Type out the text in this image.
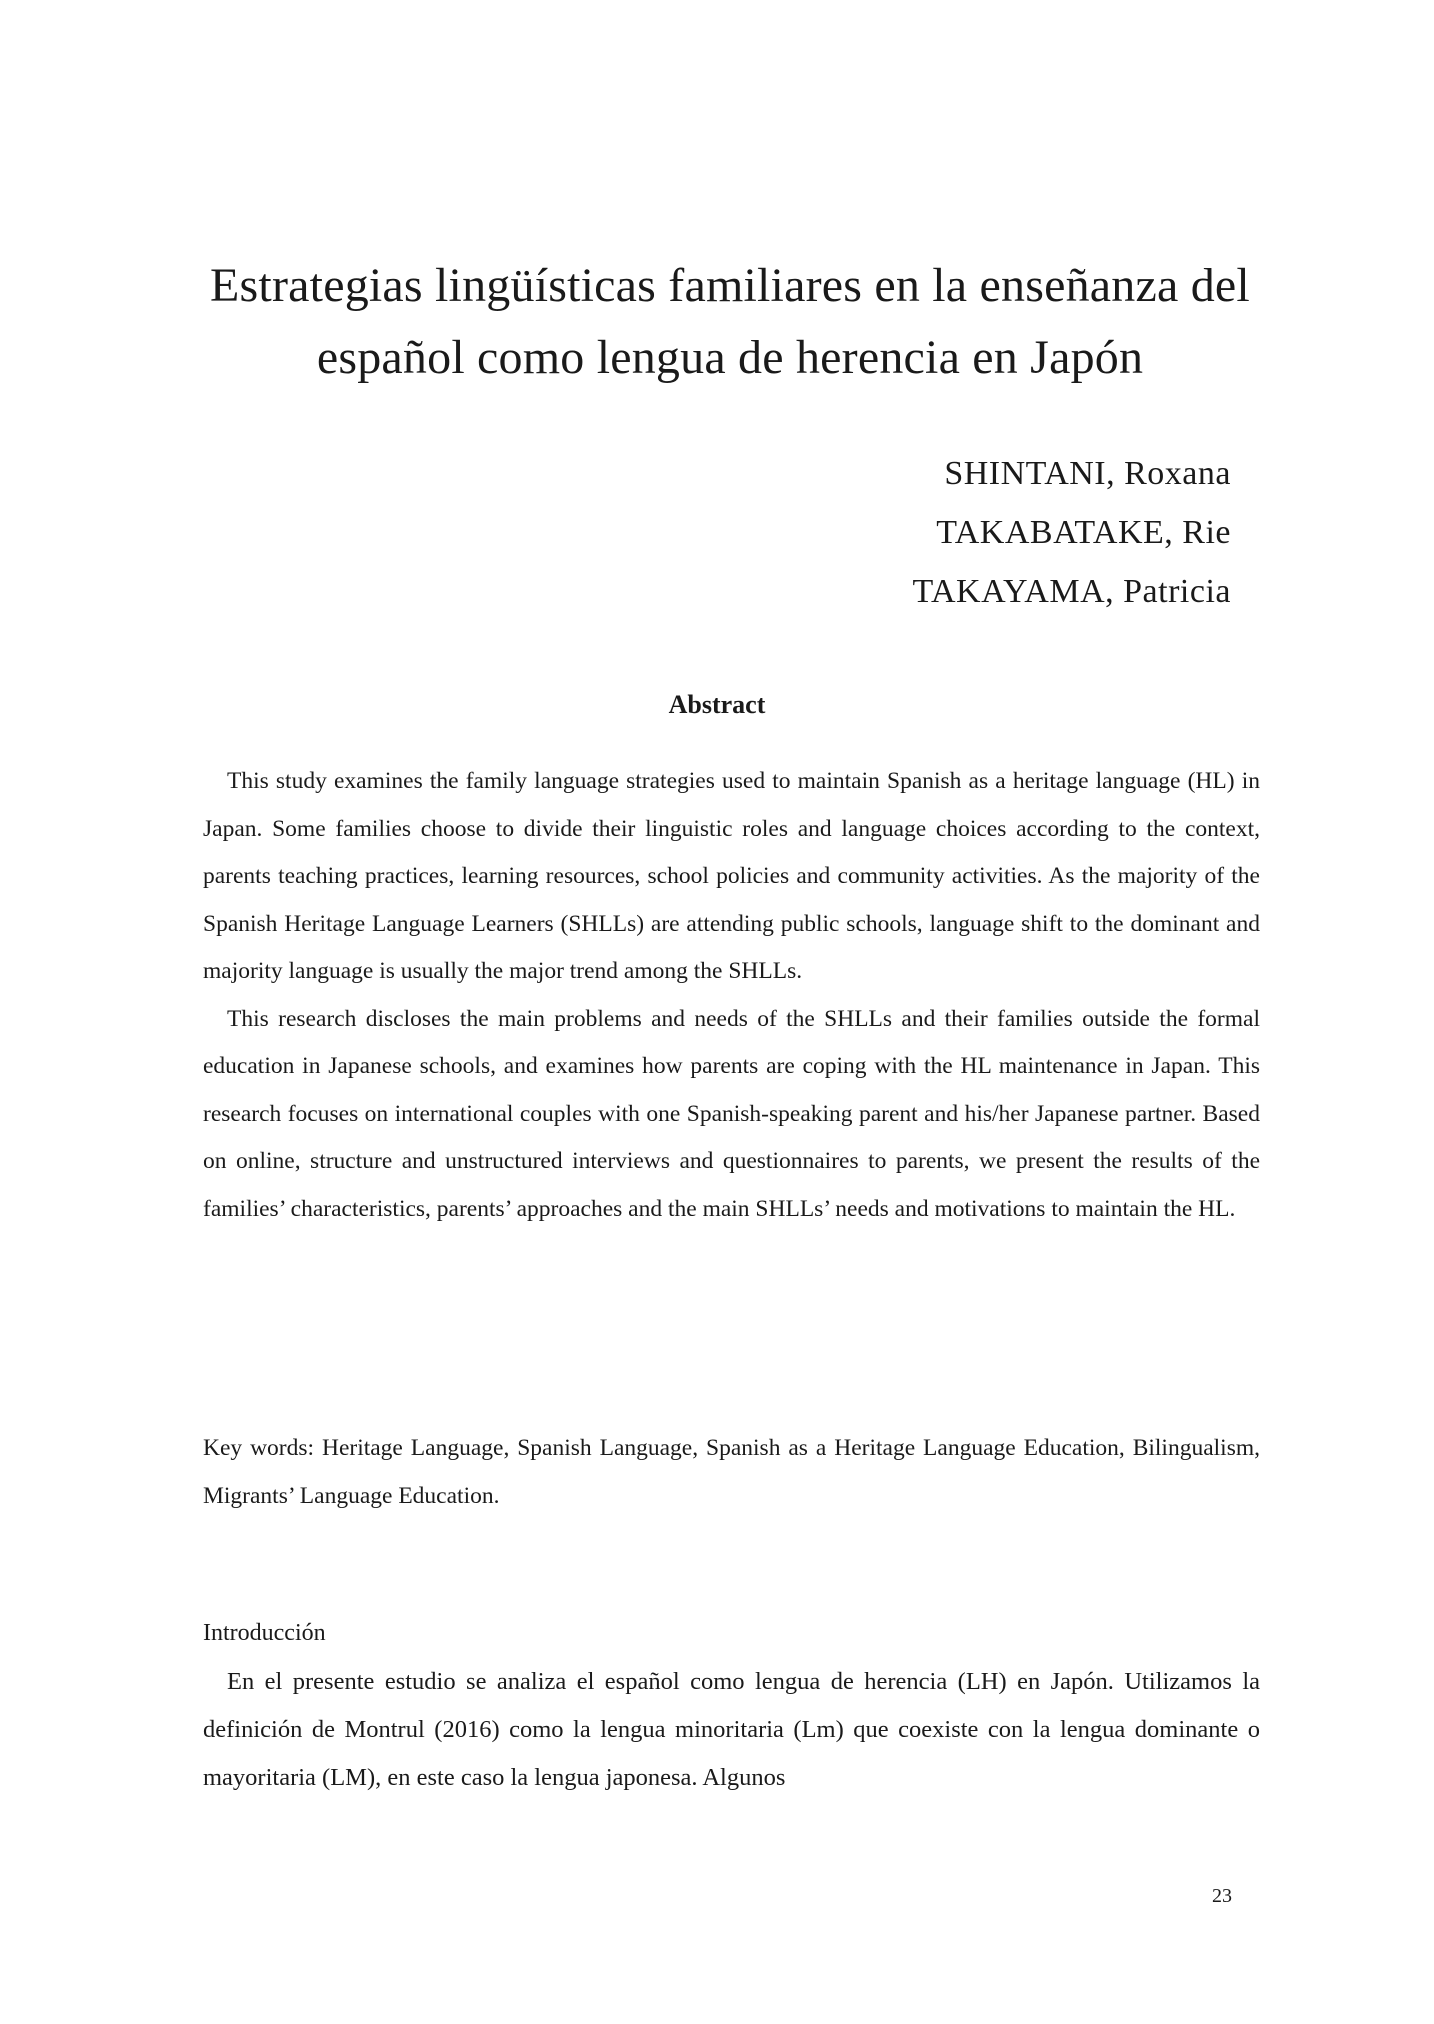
Estrategias lingüísticas familiares en la enseñanza del español como lengua de herencia en Japón
SHINTANI, Roxana
TAKABATAKE, Rie
TAKAYAMA, Patricia
Abstract

This study examines the family language strategies used to maintain Spanish as a heritage language (HL) in Japan. Some families choose to divide their linguistic roles and language choices according to the context, parents teaching practices, learning resources, school policies and community activities. As the majority of the Spanish Heritage Language Learners (SHLLs) are attending public schools, language shift to the dominant and majority language is usually the major trend among the SHLLs.

This research discloses the main problems and needs of the SHLLs and their families outside the formal education in Japanese schools, and examines how parents are coping with the HL maintenance in Japan. This research focuses on international couples with one Spanish-speaking parent and his/her Japanese partner. Based on online, structure and unstructured interviews and questionnaires to parents, we present the results of the families’ characteristics, parents’ approaches and the main SHLLs’ needs and motivations to maintain the HL.

Key words: Heritage Language, Spanish Language, Spanish as a Heritage Language Education, Bilingualism, Migrants’ Language Education.

Introducción

En el presente estudio se analiza el español como lengua de herencia (LH) en Japón. Utilizamos la definición de Montrul (2016) como la lengua minoritaria (Lm) que coexiste con la lengua dominante o mayoritaria (LM), en este caso la lengua japonesa. Algunos

23
